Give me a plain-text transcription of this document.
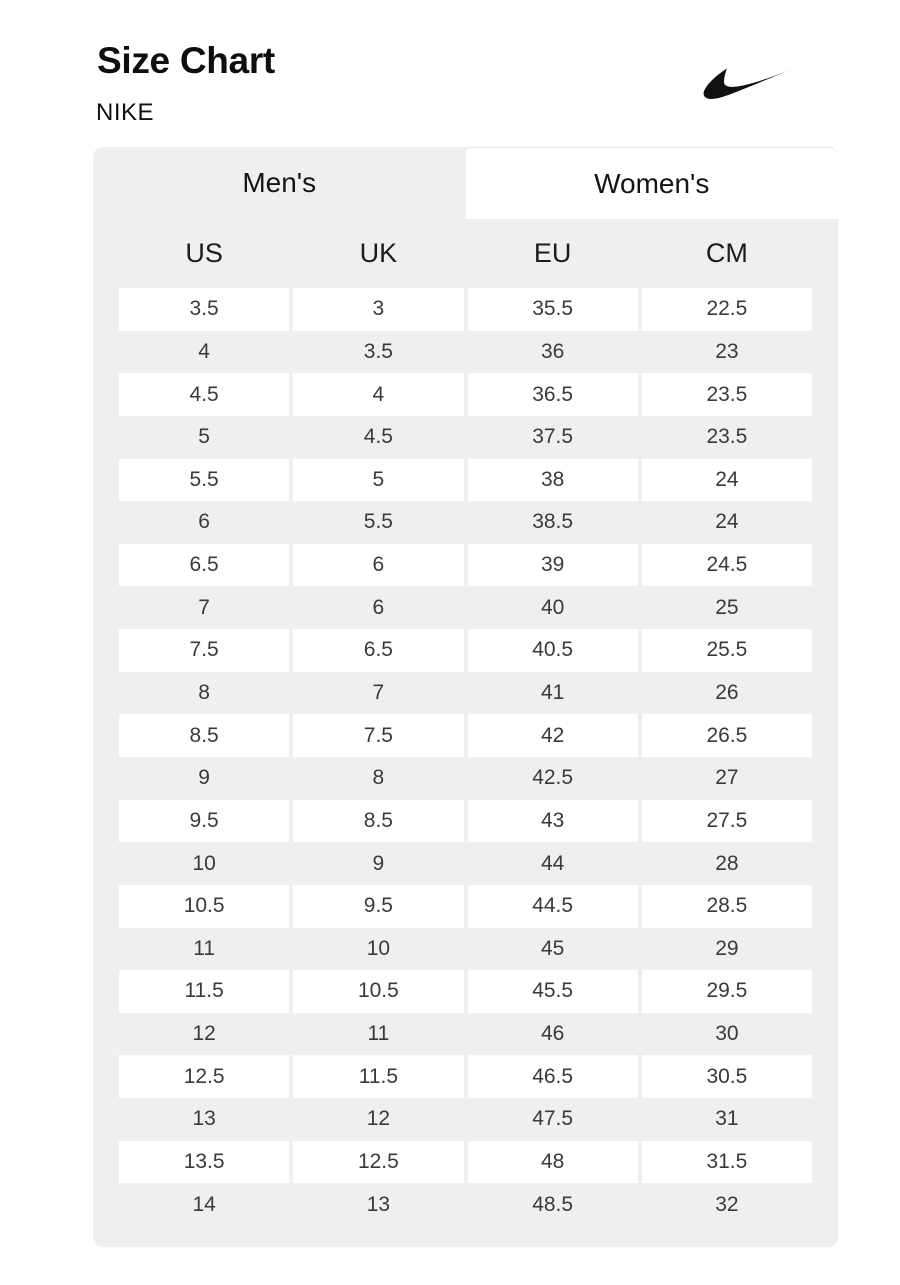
Size Chart
NIKE
Men's	Women's
US	UK	EU	CM
3.5	3	35.5	22.5
4	3.5	36	23
4.5	4	36.5	23.5
5	4.5	37.5	23.5
5.5	5	38	24
6	5.5	38.5	24
6.5	6	39	24.5
7	6	40	25
7.5	6.5	40.5	25.5
8	7	41	26
8.5	7.5	42	26.5
9	8	42.5	27
9.5	8.5	43	27.5
10	9	44	28
10.5	9.5	44.5	28.5
11	10	45	29
11.5	10.5	45.5	29.5
12	11	46	30
12.5	11.5	46.5	30.5
13	12	47.5	31
13.5	12.5	48	31.5
14	13	48.5	32
